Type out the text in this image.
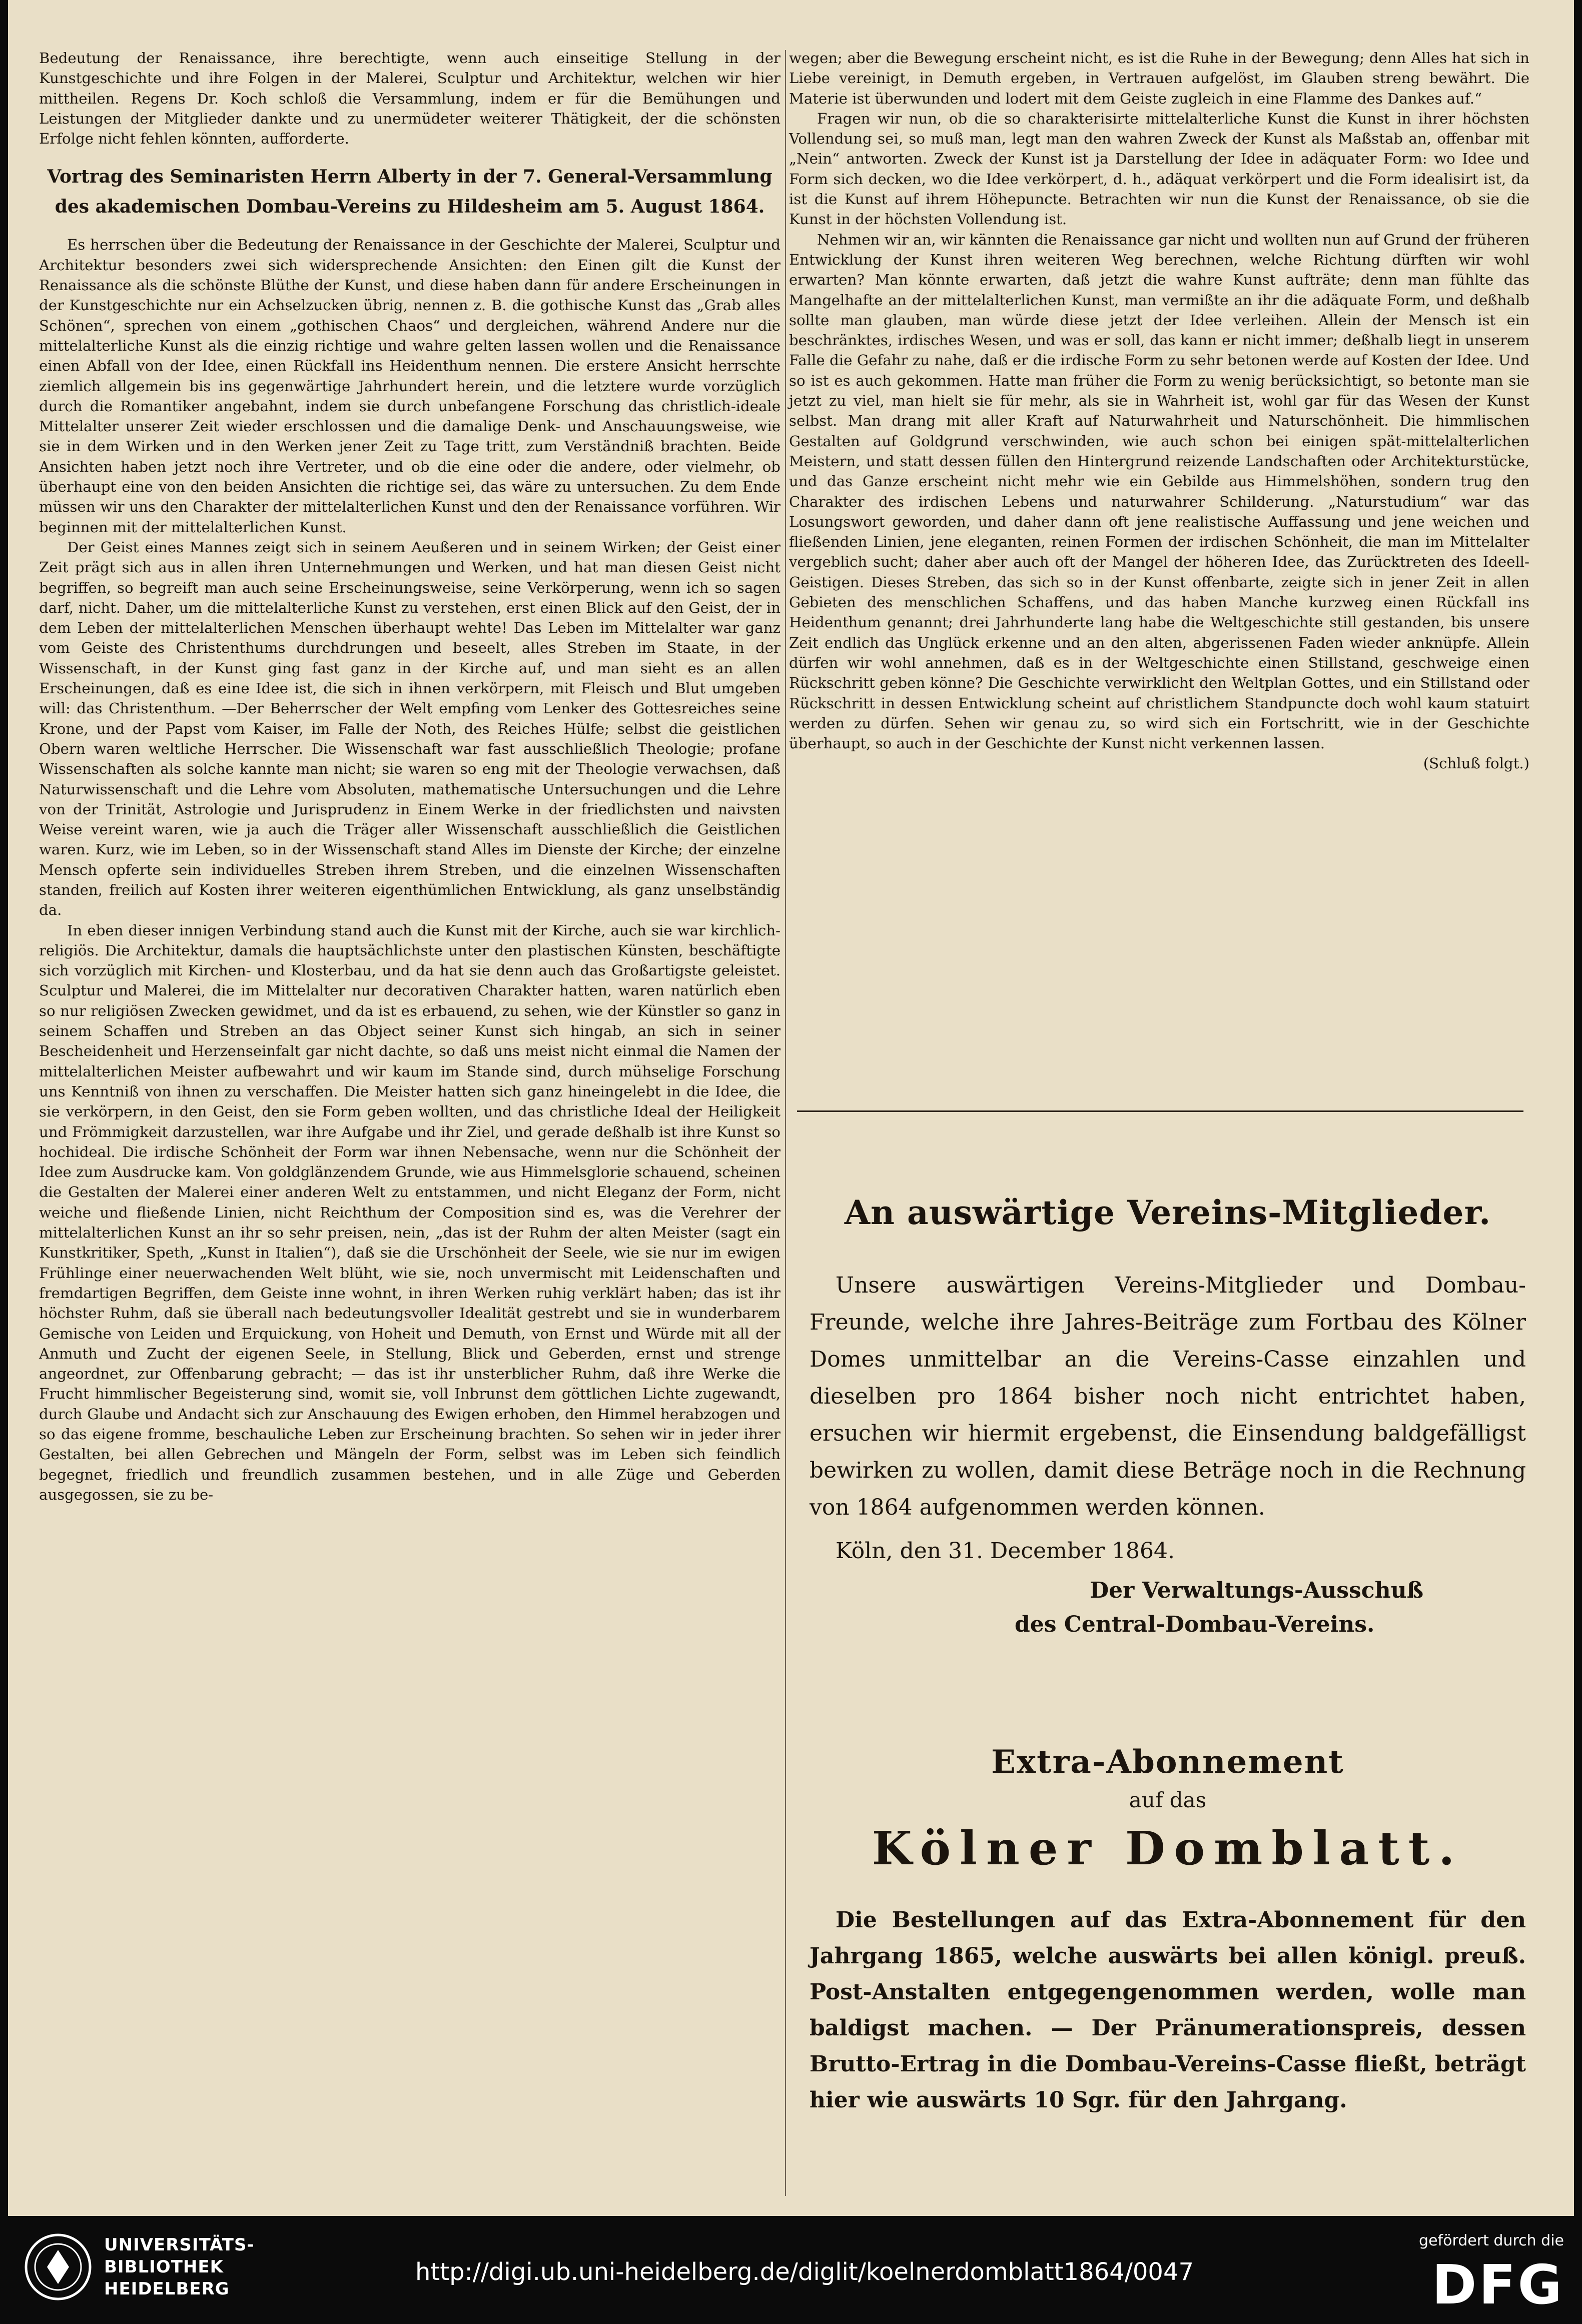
Bedeutung der Renaissance, ihre berechtigte, wenn auch einseitige Stellung in der Kunstgeschichte und ihre Folgen in der Malerei, Sculptur und Architektur, welchen wir hier mittheilen. Regens Dr. Koch schloß die Versammlung, indem er für die Bemühungen und Leistungen der Mitglieder dankte und zu unermüdeter weiterer Thätigkeit, der die schönsten Erfolge nicht fehlen könnten, aufforderte.

Vortrag des Seminaristen Herrn Alberty in der 7. General-Versammlung des akademischen Dombau-Vereins zu Hildesheim am 5. August 1864.

Es herrschen über die Bedeutung der Renaissance in der Geschichte der Malerei, Sculptur und Architektur besonders zwei sich widersprechende Ansichten: den Einen gilt die Kunst der Renaissance als die schönste Blüthe der Kunst, und diese haben dann für andere Erscheinungen in der Kunstgeschichte nur ein Achselzucken übrig, nennen z. B. die gothische Kunst das „Grab alles Schönen“, sprechen von einem „gothischen Chaos“ und dergleichen, während Andere nur die mittelalterliche Kunst als die einzig richtige und wahre gelten lassen wollen und die Renaissance einen Abfall von der Idee, einen Rückfall ins Heidenthum nennen. Die erstere Ansicht herrschte ziemlich allgemein bis ins gegenwärtige Jahrhundert herein, und die letztere wurde vorzüglich durch die Romantiker angebahnt, indem sie durch unbefangene Forschung das christlich-ideale Mittelalter unserer Zeit wieder erschlossen und die damalige Denk- und Anschauungsweise, wie sie in dem Wirken und in den Werken jener Zeit zu Tage tritt, zum Verständniß brachten. Beide Ansichten haben jetzt noch ihre Vertreter, und ob die eine oder die andere, oder vielmehr, ob überhaupt eine von den beiden Ansichten die richtige sei, das wäre zu untersuchen. Zu dem Ende müssen wir uns den Charakter der mittelalterlichen Kunst und den der Renaissance vorführen. Wir beginnen mit der mittelalterlichen Kunst.

Der Geist eines Mannes zeigt sich in seinem Aeußeren und in seinem Wirken; der Geist einer Zeit prägt sich aus in allen ihren Unternehmungen und Werken, und hat man diesen Geist nicht begriffen, so begreift man auch seine Erscheinungsweise, seine Verkörperung, wenn ich so sagen darf, nicht. Daher, um die mittelalterliche Kunst zu verstehen, erst einen Blick auf den Geist, der in dem Leben der mittelalterlichen Menschen überhaupt wehte! Das Leben im Mittelalter war ganz vom Geiste des Christenthums durchdrungen und beseelt, alles Streben im Staate, in der Wissenschaft, in der Kunst ging fast ganz in der Kirche auf, und man sieht es an allen Erscheinungen, daß es eine Idee ist, die sich in ihnen verkörpern, mit Fleisch und Blut umgeben will: das Christenthum. —Der Beherrscher der Welt empfing vom Lenker des Gottesreiches seine Krone, und der Papst vom Kaiser, im Falle der Noth, des Reiches Hülfe; selbst die geistlichen Obern waren weltliche Herrscher. Die Wissenschaft war fast ausschließlich Theologie; profane Wissenschaften als solche kannte man nicht; sie waren so eng mit der Theologie verwachsen, daß Naturwissenschaft und die Lehre vom Absoluten, mathematische Untersuchungen und die Lehre von der Trinität, Astrologie und Jurisprudenz in Einem Werke in der friedlichsten und naivsten Weise vereint waren, wie ja auch die Träger aller Wissenschaft ausschließlich die Geistlichen waren. Kurz, wie im Leben, so in der Wissenschaft stand Alles im Dienste der Kirche; der einzelne Mensch opferte sein individuelles Streben ihrem Streben, und die einzelnen Wissenschaften standen, freilich auf Kosten ihrer weiteren eigenthümlichen Entwicklung, als ganz unselbständig da.

In eben dieser innigen Verbindung stand auch die Kunst mit der Kirche, auch sie war kirchlich-religiös. Die Architektur, damals die hauptsächlichste unter den plastischen Künsten, beschäftigte sich vorzüglich mit Kirchen- und Klosterbau, und da hat sie denn auch das Großartigste geleistet. Sculptur und Malerei, die im Mittelalter nur decorativen Charakter hatten, waren natürlich eben so nur religiösen Zwecken gewidmet, und da ist es erbauend, zu sehen, wie der Künstler so ganz in seinem Schaffen und Streben an das Object seiner Kunst sich hingab, an sich in seiner Bescheidenheit und Herzenseinfalt gar nicht dachte, so daß uns meist nicht einmal die Namen der mittelalterlichen Meister aufbewahrt und wir kaum im Stande sind, durch mühselige Forschung uns Kenntniß von ihnen zu verschaffen. Die Meister hatten sich ganz hineingelebt in die Idee, die sie verkörpern, in den Geist, den sie Form geben wollten, und das christliche Ideal der Heiligkeit und Frömmigkeit darzustellen, war ihre Aufgabe und ihr Ziel, und gerade deßhalb ist ihre Kunst so hochideal. Die irdische Schönheit der Form war ihnen Nebensache, wenn nur die Schönheit der Idee zum Ausdrucke kam. Von goldglänzendem Grunde, wie aus Himmelsglorie schauend, scheinen die Gestalten der Malerei einer anderen Welt zu entstammen, und nicht Eleganz der Form, nicht weiche und fließende Linien, nicht Reichthum der Composition sind es, was die Verehrer der mittelalterlichen Kunst an ihr so sehr preisen, nein, „das ist der Ruhm der alten Meister (sagt ein Kunstkritiker, Speth, „Kunst in Italien“), daß sie die Urschönheit der Seele, wie sie nur im ewigen Frühlinge einer neuerwachenden Welt blüht, wie sie, noch unvermischt mit Leidenschaften und fremdartigen Begriffen, dem Geiste inne wohnt, in ihren Werken ruhig verklärt haben; das ist ihr höchster Ruhm, daß sie überall nach bedeutungsvoller Idealität gestrebt und sie in wunderbarem Gemische von Leiden und Erquickung, von Hoheit und Demuth, von Ernst und Würde mit all der Anmuth und Zucht der eigenen Seele, in Stellung, Blick und Geberden, ernst und strenge angeordnet, zur Offenbarung gebracht; — das ist ihr unsterblicher Ruhm, daß ihre Werke die Frucht himmlischer Begeisterung sind, womit sie, voll Inbrunst dem göttlichen Lichte zugewandt, durch Glaube und Andacht sich zur Anschauung des Ewigen erhoben, den Himmel herabzogen und so das eigene fromme, beschauliche Leben zur Erscheinung brachten. So sehen wir in jeder ihrer Gestalten, bei allen Gebrechen und Mängeln der Form, selbst was im Leben sich feindlich begegnet, friedlich und freundlich zusammen bestehen, und in alle Züge und Geberden ausgegossen, sie zu be-

wegen; aber die Bewegung erscheint nicht, es ist die Ruhe in der Bewegung; denn Alles hat sich in Liebe vereinigt, in Demuth ergeben, in Vertrauen aufgelöst, im Glauben streng bewährt. Die Materie ist überwunden und lodert mit dem Geiste zugleich in eine Flamme des Dankes auf.“

Fragen wir nun, ob die so charakterisirte mittelalterliche Kunst die Kunst in ihrer höchsten Vollendung sei, so muß man, legt man den wahren Zweck der Kunst als Maßstab an, offenbar mit „Nein“ antworten. Zweck der Kunst ist ja Darstellung der Idee in adäquater Form: wo Idee und Form sich decken, wo die Idee verkörpert, d. h., adäquat verkörpert und die Form idealisirt ist, da ist die Kunst auf ihrem Höhepuncte. Betrachten wir nun die Kunst der Renaissance, ob sie die Kunst in der höchsten Vollendung ist.

Nehmen wir an, wir kännten die Renaissance gar nicht und wollten nun auf Grund der früheren Entwicklung der Kunst ihren weiteren Weg berechnen, welche Richtung dürften wir wohl erwarten? Man könnte erwarten, daß jetzt die wahre Kunst aufträte; denn man fühlte das Mangelhafte an der mittelalterlichen Kunst, man vermißte an ihr die adäquate Form, und deßhalb sollte man glauben, man würde diese jetzt der Idee verleihen. Allein der Mensch ist ein beschränktes, irdisches Wesen, und was er soll, das kann er nicht immer; deßhalb liegt in unserem Falle die Gefahr zu nahe, daß er die irdische Form zu sehr betonen werde auf Kosten der Idee. Und so ist es auch gekommen. Hatte man früher die Form zu wenig berücksichtigt, so betonte man sie jetzt zu viel, man hielt sie für mehr, als sie in Wahrheit ist, wohl gar für das Wesen der Kunst selbst. Man drang mit aller Kraft auf Naturwahrheit und Naturschönheit. Die himmlischen Gestalten auf Goldgrund verschwinden, wie auch schon bei einigen spät-mittelalterlichen Meistern, und statt dessen füllen den Hintergrund reizende Landschaften oder Architekturstücke, und das Ganze erscheint nicht mehr wie ein Gebilde aus Himmelshöhen, sondern trug den Charakter des irdischen Lebens und naturwahrer Schilderung. „Naturstudium“ war das Losungswort geworden, und daher dann oft jene realistische Auffassung und jene weichen und fließenden Linien, jene eleganten, reinen Formen der irdischen Schönheit, die man im Mittelalter vergeblich sucht; daher aber auch oft der Mangel der höheren Idee, das Zurücktreten des Ideell-Geistigen. Dieses Streben, das sich so in der Kunst offenbarte, zeigte sich in jener Zeit in allen Gebieten des menschlichen Schaffens, und das haben Manche kurzweg einen Rückfall ins Heidenthum genannt; drei Jahrhunderte lang habe die Weltgeschichte still gestanden, bis unsere Zeit endlich das Unglück erkenne und an den alten, abgerissenen Faden wieder anknüpfe. Allein dürfen wir wohl annehmen, daß es in der Weltgeschichte einen Stillstand, geschweige einen Rückschritt geben könne? Die Geschichte verwirklicht den Weltplan Gottes, und ein Stillstand oder Rückschritt in dessen Entwicklung scheint auf christlichem Standpuncte doch wohl kaum statuirt werden zu dürfen. Sehen wir genau zu, so wird sich ein Fortschritt, wie in der Geschichte überhaupt, so auch in der Geschichte der Kunst nicht verkennen lassen.

(Schluß folgt.)

An auswärtige Vereins-Mitglieder.
Unsere auswärtigen Vereins-Mitglieder und Dombau-Freunde, welche ihre Jahres-Beiträge zum Fortbau des Kölner Domes unmittelbar an die Vereins-Casse einzahlen und dieselben pro 1864 bisher noch nicht entrichtet haben, ersuchen wir hiermit ergebenst, die Einsendung baldgefälligst bewirken zu wollen, damit diese Beträge noch in die Rechnung von 1864 aufgenommen werden können.
Köln, den 31. December 1864.
Der Verwaltungs-Ausschuß
des Central-Dombau-Vereins.
Extra-Abonnement
auf das
Kölner Domblatt.
Die Bestellungen auf das Extra-Abonnement für den Jahrgang 1865, welche auswärts bei allen königl. preuß. Post-Anstalten entgegengenommen werden, wolle man baldigst machen. — Der Pränumerationspreis, dessen Brutto-Ertrag in die Dombau-Vereins-Casse fließt, beträgt hier wie auswärts 10 Sgr. für den Jahrgang.
UNIVERSITÄTS-
BIBLIOTHEK
HEIDELBERG
http://digi.ub.uni-heidelberg.de/diglit/koelnerdomblatt1864/0047
gefördert durch die
DFG
